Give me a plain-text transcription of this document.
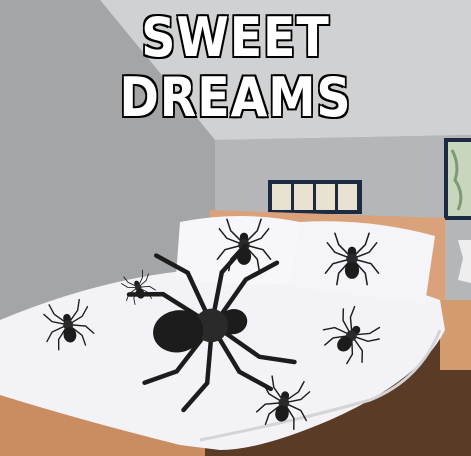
SWEET DREAMS
